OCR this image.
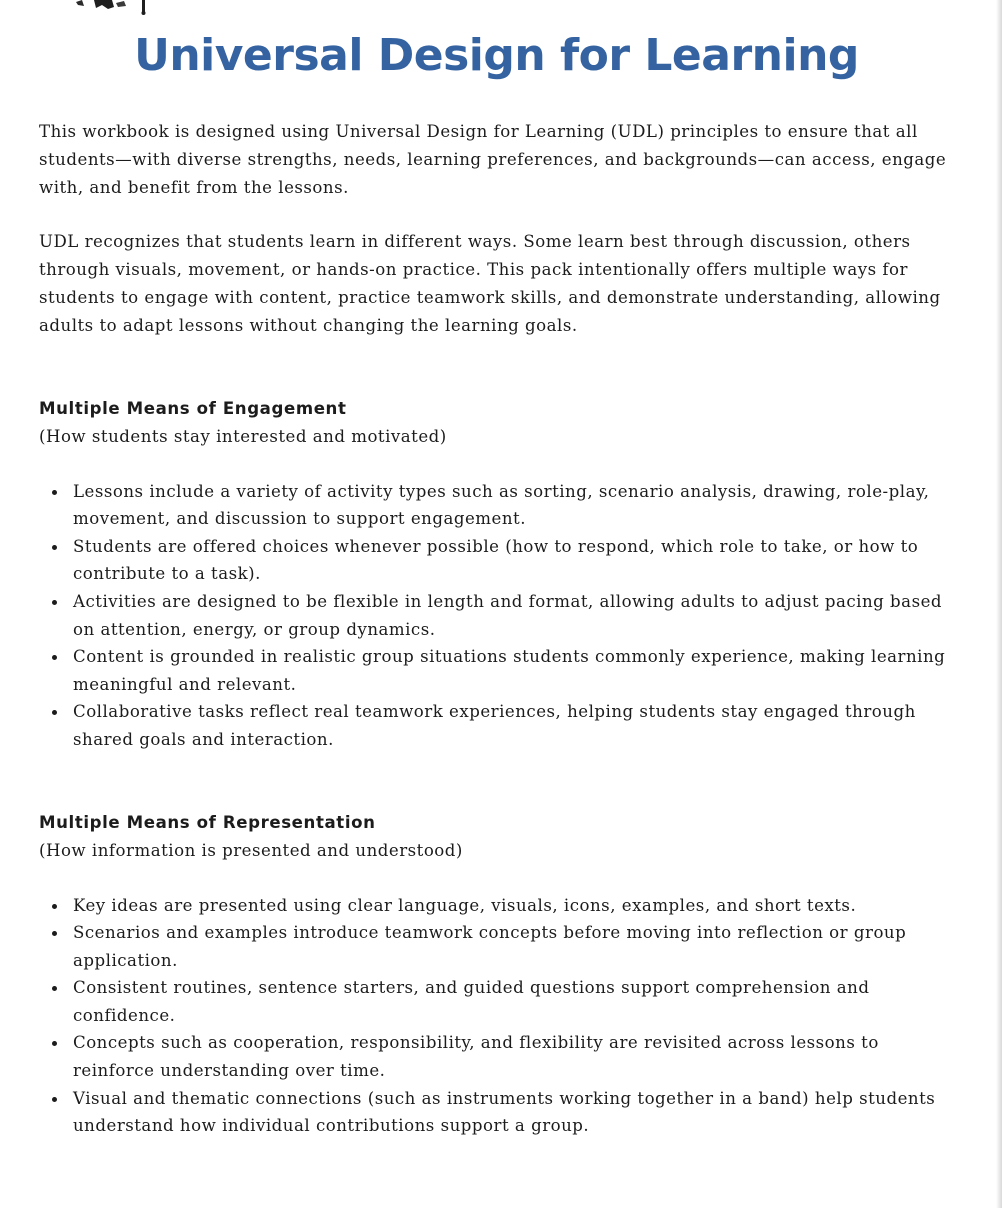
Universal Design for Learning

This workbook is designed using Universal Design for Learning (UDL) principles to ensure that all students—with diverse strengths, needs, learning preferences, and backgrounds—can access, engage with, and benefit from the lessons.

UDL recognizes that students learn in different ways. Some learn best through discussion, others through visuals, movement, or hands-on practice. This pack intentionally offers multiple ways for students to engage with content, practice teamwork skills, and demonstrate understanding, allowing adults to adapt lessons without changing the learning goals.

Multiple Means of Engagement

(How students stay interested and motivated)

Lessons include a variety of activity types such as sorting, scenario analysis, drawing, role-play, movement, and discussion to support engagement.
Students are offered choices whenever possible (how to respond, which role to take, or how to contribute to a task).
Activities are designed to be flexible in length and format, allowing adults to adjust pacing based on attention, energy, or group dynamics.
Content is grounded in realistic group situations students commonly experience, making learning meaningful and relevant.
Collaborative tasks reflect real teamwork experiences, helping students stay engaged through shared goals and interaction.
Multiple Means of Representation

(How information is presented and understood)

Key ideas are presented using clear language, visuals, icons, examples, and short texts.
Scenarios and examples introduce teamwork concepts before moving into reflection or group application.
Consistent routines, sentence starters, and guided questions support comprehension and confidence.
Concepts such as cooperation, responsibility, and flexibility are revisited across lessons to reinforce understanding over time.
Visual and thematic connections (such as instruments working together in a band) help students understand how individual contributions support a group.
